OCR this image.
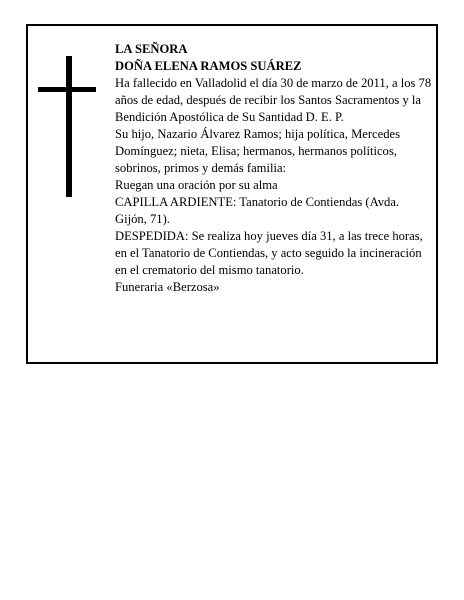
LA SEÑORA

DOÑA ELENA RAMOS SUÁREZ

Ha fallecido en Valladolid el día 30 de marzo de 2011, a los 78 años de edad, después de recibir los Santos Sacramentos y la Bendición Apostólica de Su Santidad D. E. P.

Su hijo, Nazario Álvarez Ramos; hija política, Mercedes Domínguez; nieta, Elisa; hermanos, hermanos políticos, sobrinos, primos y demás familia:

Ruegan una oración por su alma

CAPILLA ARDIENTE: Tanatorio de Contiendas (Avda. Gijón, 71).

DESPEDIDA: Se realiza hoy jueves día 31, a las trece horas, en el Tanatorio de Contiendas, y acto seguido la incineración en el crematorio del mismo tanatorio.

Funeraria «Berzosa»
